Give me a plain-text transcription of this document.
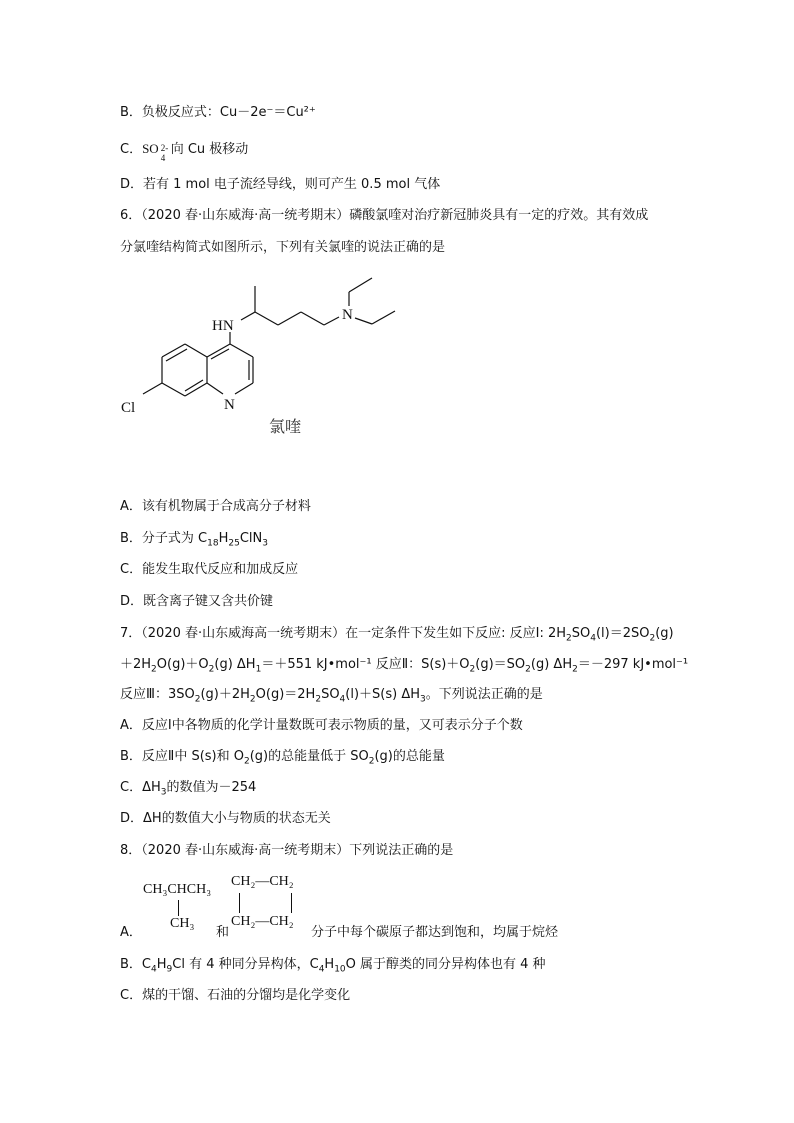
B．负极反应式：Cu－2e⁻＝Cu²⁺
C．SO 2-
4
向 Cu 极移动
D．若有 1 mol 电子流经导线，则可产生 0.5 mol 气体
6．（2020 春·山东威海·高一统考期末）磷酸氯喹对治疗新冠肺炎具有一定的疗效。其有效成
分氯喹结构简式如图所示，下列有关氯喹的说法正确的是
HN
N
N
Cl
氯喹
A．该有机物属于合成高分子材料
B．分子式为 $C_{18}H_{25}ClN_3$
C．能发生取代反应和加成反应
D．既含离子键又含共价键
7．（2020 春·山东威海高一统考期末）在一定条件下发生如下反应: 反应Ⅰ: $2H_2SO_4(l)=2SO_2(g)$
$+2H_2O(g)+O_2(g)$ $\Delta H_1=+551$ kJ•mol⁻¹ 反应Ⅱ：$S(s)+O_2(g)=SO_2(g)$ $\Delta H_2=-297$ kJ•mol⁻¹
反应Ⅲ：$3SO_2(g)+2H_2O(g)=2H_2SO_4(l)+S(s)$ $\Delta H_3$。下列说法正确的是
A．反应Ⅰ中各物质的化学计量数既可表示物质的量，又可表示分子个数
B．反应Ⅱ中 S(s)和 $O_2(g)$的总能量低于 $SO_2(g)$的总能量
C．$\Delta H_3$的数值为－254
D．ΔH的数值大小与物质的状态无关
8．（2020 春·山东威海·高一统考期末）下列说法正确的是
A．
CH₃CHCH₃
CH₃
和
CH₂—CH₂
CH₂—CH₂
分子中每个碳原子都达到饱和，均属于烷烃
B．$C_4H_9Cl$ 有 4 种同分异构体，$C_4H_{10}O$ 属于醇类的同分异构体也有 4 种
C．煤的干馏、石油的分馏均是化学变化
